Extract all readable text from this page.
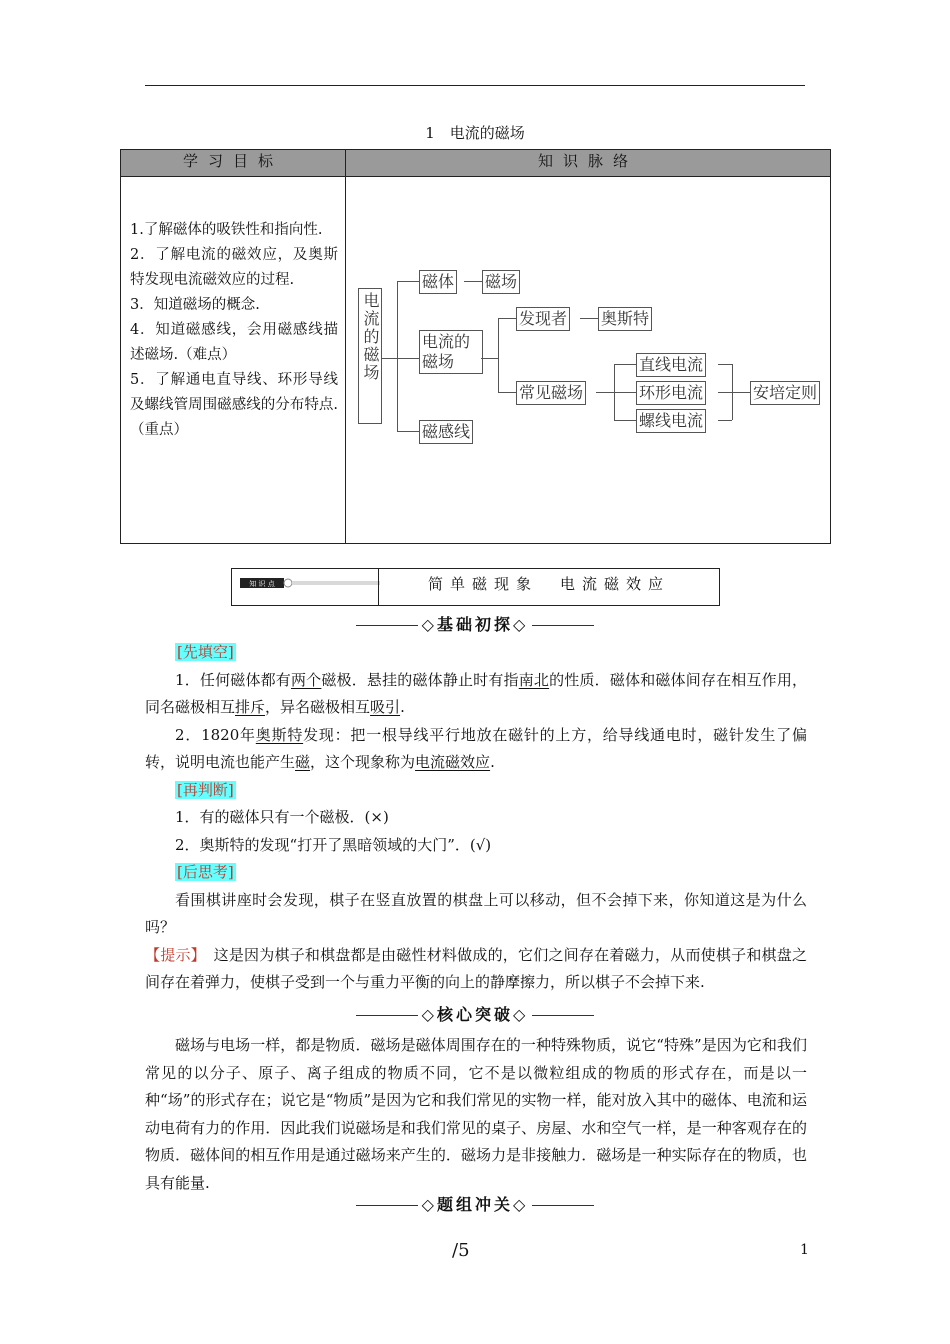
1　电流的磁场
学习目标	知识脉络
1.了解磁体的吸铁性和指向性.
2．了解电流的磁效应，及奥斯特发现电流磁效应的过程.
3．知道磁场的概念.
4．知道磁感线，会用磁感线描述磁场.（难点）
5．了解通电直导线、环形导线及螺线管周围磁感线的分布特点.（重点）
电流的磁场
磁体 磁场
电流的磁场
发现者 奥斯特
常见磁场
直线电流
环形电流
螺线电流
安培定则
磁感线
知 识 点	简单磁现象　电流磁效应
◇基础初探◇
[先填空]
1．任何磁体都有两个磁极．悬挂的磁体静止时有指南北的性质．磁体和磁体间存在相互作用，同名磁极相互排斥，异名磁极相互吸引.
2．1820年奥斯特发现：把一根导线平行地放在磁针的上方，给导线通电时，磁针发生了偏转，说明电流也能产生磁，这个现象称为电流磁效应.
[再判断]
1．有的磁体只有一个磁极．(×)
2．奥斯特的发现“打开了黑暗领域的大门”．(√)
[后思考]
看围棋讲座时会发现，棋子在竖直放置的棋盘上可以移动，但不会掉下来，你知道这是为什么吗？
【提示】　这是因为棋子和棋盘都是由磁性材料做成的，它们之间存在着磁力，从而使棋子和棋盘之间存在着弹力，使棋子受到一个与重力平衡的向上的静摩擦力，所以棋子不会掉下来.
◇核心突破◇
磁场与电场一样，都是物质．磁场是磁体周围存在的一种特殊物质，说它“特殊”是因为它和我们常见的以分子、原子、离子组成的物质不同，它不是以微粒组成的物质的形式存在，而是以一种“场”的形式存在；说它是“物质”是因为它和我们常见的实物一样，能对放入其中的磁体、电流和运动电荷有力的作用．因此我们说磁场是和我们常见的桌子、房屋、水和空气一样，是一种客观存在的物质．磁体间的相互作用是通过磁场来产生的．磁场力是非接触力．磁场是一种实际存在的物质，也具有能量.
◇题组冲关◇
/5	1
